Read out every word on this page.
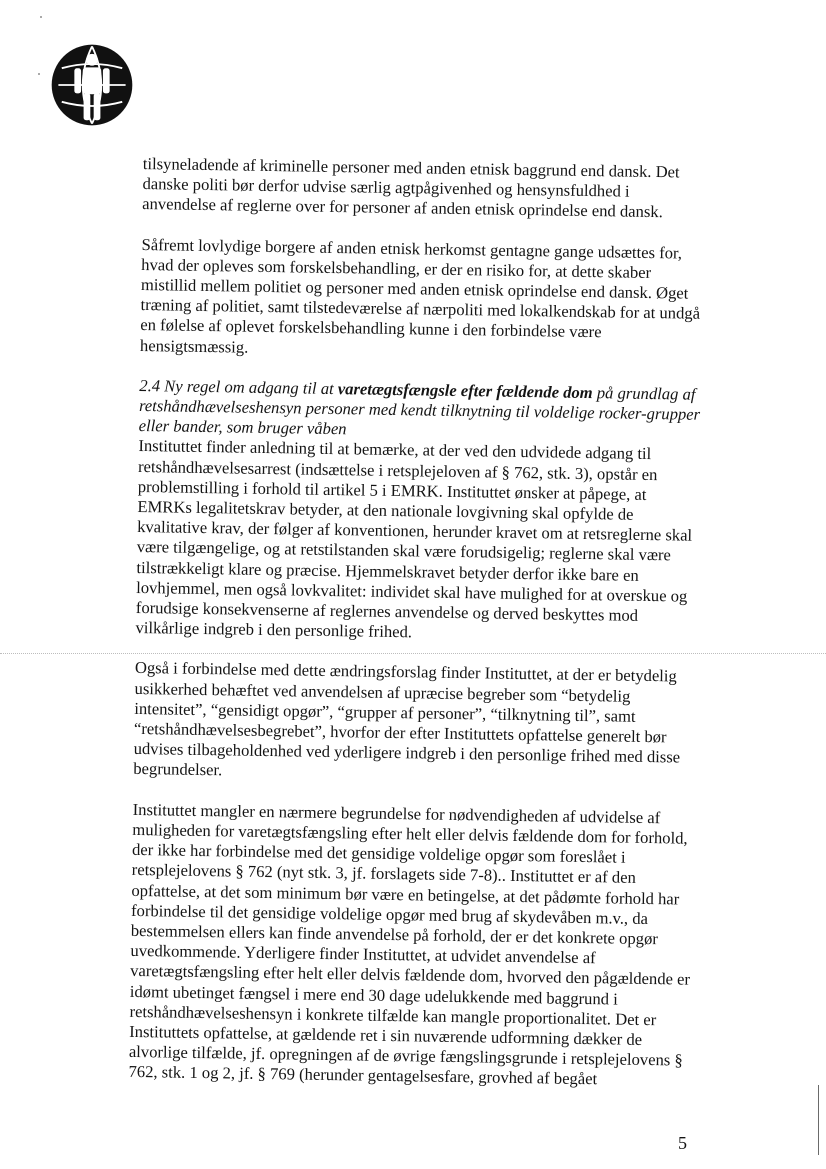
tilsyneladende af kriminelle personer med anden etnisk baggrund end dansk. Det danske politi bør derfor udvise særlig agtpågivenhed og hensynsfuldhed i anvendelse af reglerne over for personer af anden etnisk oprindelse end dansk.

Såfremt lovlydige borgere af anden etnisk herkomst gentagne gange udsættes for, hvad der opleves som forskelsbehandling, er der en risiko for, at dette skaber mistillid mellem politiet og personer med anden etnisk oprindelse end dansk. Øget træning af politiet, samt tilstedeværelse af nærpoliti med lokalkendskab for at undgå en følelse af oplevet forskelsbehandling kunne i den forbindelse være hensigtsmæssig.

2.4 Ny regel om adgang til at varetægtsfængsle efter fældende dom på grundlag af retshåndhævelseshensyn personer med kendt tilknytning til voldelige rocker-grupper eller bander, som bruger våben

Instituttet finder anledning til at bemærke, at der ved den udvidede adgang til retshåndhævelsesarrest (indsættelse i retsplejeloven af § 762, stk. 3), opstår en problemstilling i forhold til artikel 5 i EMRK. Instituttet ønsker at påpege, at EMRKs legalitetskrav betyder, at den nationale lovgivning skal opfylde de kvalitative krav, der følger af konventionen, herunder kravet om at retsreglerne skal være tilgængelige, og at retstilstanden skal være forudsigelig; reglerne skal være tilstrækkeligt klare og præcise. Hjemmelskravet betyder derfor ikke bare en lovhjemmel, men også lovkvalitet: individet skal have mulighed for at overskue og forudsige konsekvenserne af reglernes anvendelse og derved beskyttes mod vilkårlige indgreb i den personlige frihed.

Også i forbindelse med dette ændringsforslag finder Instituttet, at der er betydelig usikkerhed behæftet ved anvendelsen af upræcise begreber som “betydelig intensitet”, “gensidigt opgør”, “grupper af personer”, “tilknytning til”, samt “retshåndhævelsesbegrebet”, hvorfor der efter Instituttets opfattelse generelt bør udvises tilbageholdenhed ved yderligere indgreb i den personlige frihed med disse begrundelser.

Instituttet mangler en nærmere begrundelse for nødvendigheden af udvidelse af muligheden for varetægtsfængsling efter helt eller delvis fældende dom for forhold, der ikke har forbindelse med det gensidige voldelige opgør som foreslået i retsplejelovens § 762 (nyt stk. 3, jf. forslagets side 7-8).. Instituttet er af den opfattelse, at det som minimum bør være en betingelse, at det pådømte forhold har forbindelse til det gensidige voldelige opgør med brug af skydevåben m.v., da bestemmelsen ellers kan finde anvendelse på forhold, der er det konkrete opgør uvedkommende. Yderligere finder Instituttet, at udvidet anvendelse af varetægtsfængsling efter helt eller delvis fældende dom, hvorved den pågældende er idømt ubetinget fængsel i mere end 30 dage udelukkende med baggrund i retshåndhævelseshensyn i konkrete tilfælde kan mangle proportionalitet. Det er Instituttets opfattelse, at gældende ret i sin nuværende udformning dækker de alvorlige tilfælde, jf. opregningen af de øvrige fængslingsgrunde i retsplejelovens § 762, stk. 1 og 2, jf. § 769 (herunder gentagelsesfare, grovhed af begået

5
